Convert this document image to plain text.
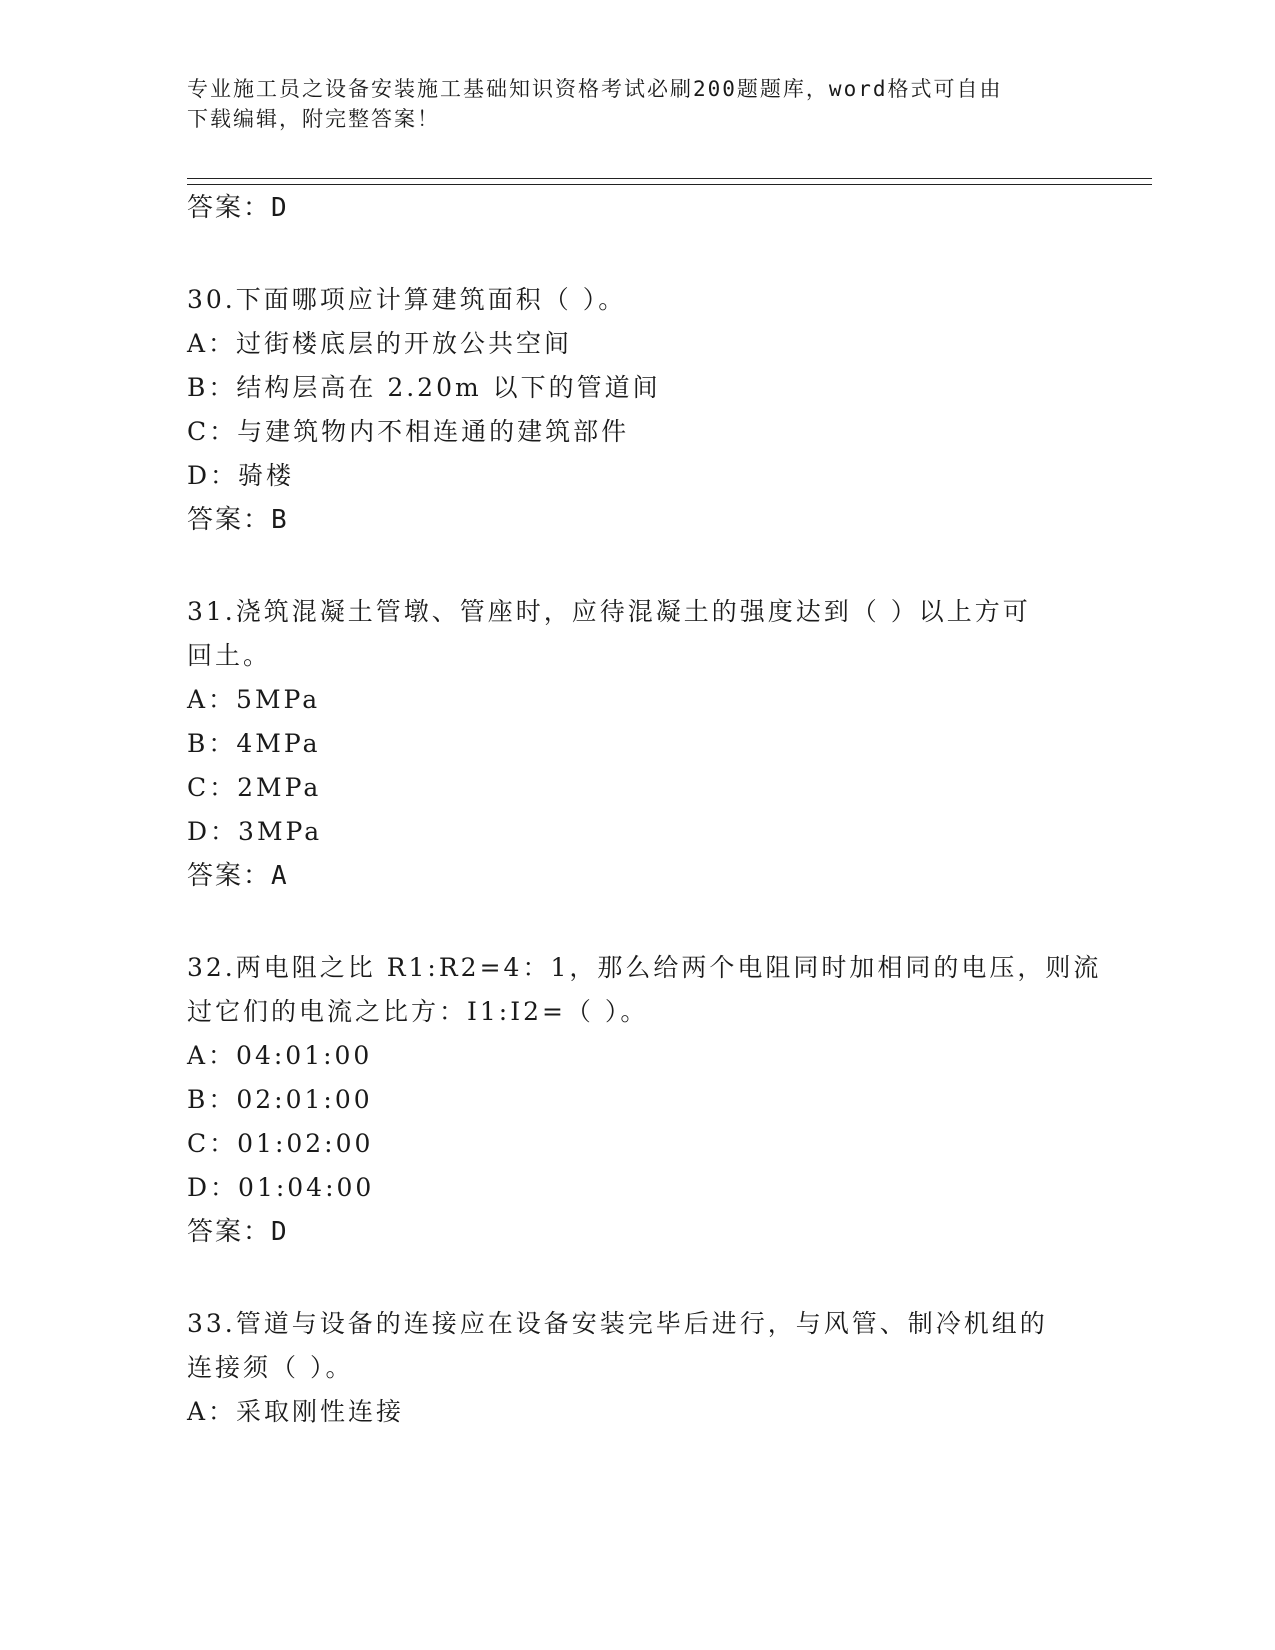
专业施工员之设备安装施工基础知识资格考试必刷200题题库，word格式可自由
下载编辑，附完整答案！
答案：D
30.下面哪项应计算建筑面积（ ）。
A：过街楼底层的开放公共空间
B：结构层高在 2.20m 以下的管道间
C：与建筑物内不相连通的建筑部件
D：骑楼
答案：B
31.浇筑混凝土管墩、管座时，应待混凝土的强度达到（ ）以上方可
回土。
A：5MPa
B：4MPa
C：2MPa
D：3MPa
答案：A
32.两电阻之比 R1:R2=4：1，那么给两个电阻同时加相同的电压，则流
过它们的电流之比方：I1:I2=（ ）。
A：04:01:00
B：02:01:00
C：01:02:00
D：01:04:00
答案：D
33.管道与设备的连接应在设备安装完毕后进行，与风管、制冷机组的
连接须（ ）。
A：采取刚性连接
